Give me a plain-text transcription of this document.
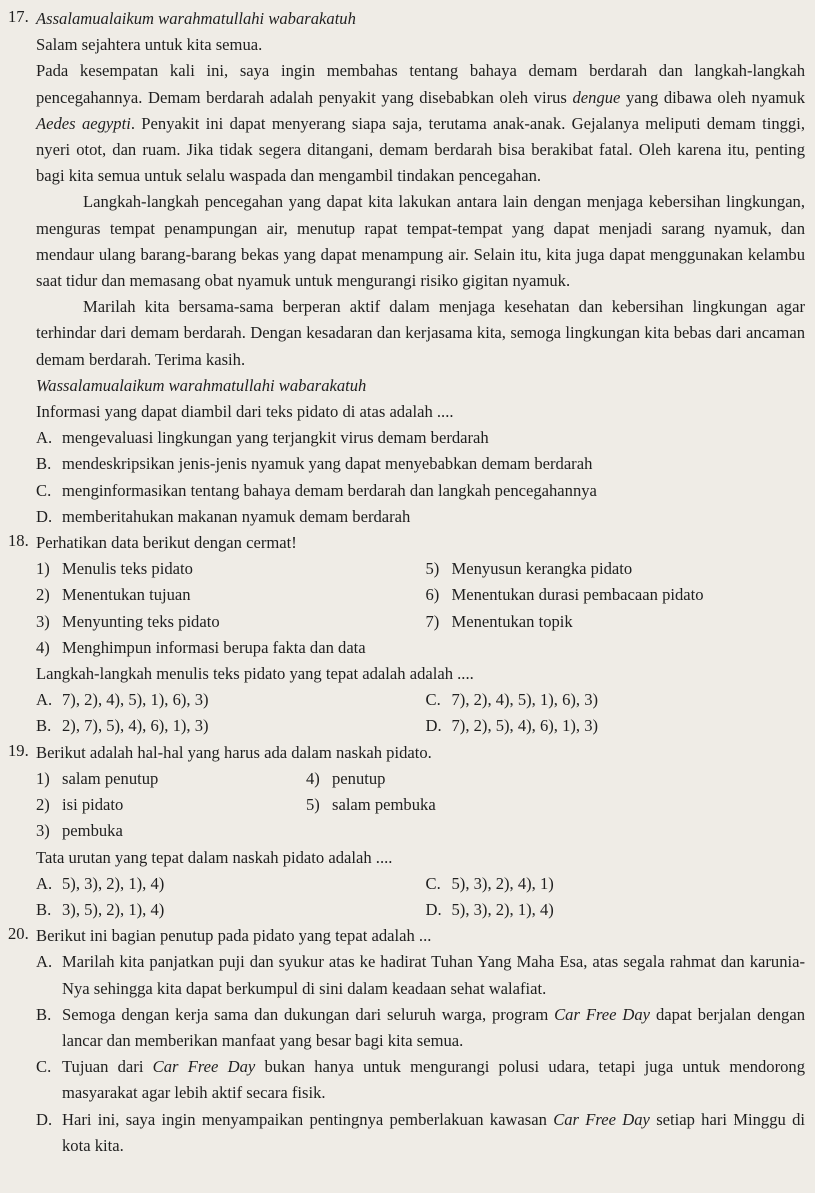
17. Assalamualaikum warahmatullahi wabarakatuh

Salam sejahtera untuk kita semua.

Pada kesempatan kali ini, saya ingin membahas tentang bahaya demam berdarah dan langkah-langkah pencegahannya. Demam berdarah adalah penyakit yang disebabkan oleh virus dengue yang dibawa oleh nyamuk Aedes aegypti. Penyakit ini dapat menyerang siapa saja, terutama anak-anak. Gejalanya meliputi demam tinggi, nyeri otot, dan ruam. Jika tidak segera ditangani, demam berdarah bisa berakibat fatal. Oleh karena itu, penting bagi kita semua untuk selalu waspada dan mengambil tindakan pencegahan.

Langkah-langkah pencegahan yang dapat kita lakukan antara lain dengan menjaga kebersihan lingkungan, menguras tempat penampungan air, menutup rapat tempat-tempat yang dapat menjadi sarang nyamuk, dan mendaur ulang barang-barang bekas yang dapat menampung air. Selain itu, kita juga dapat menggunakan kelambu saat tidur dan memasang obat nyamuk untuk mengurangi risiko gigitan nyamuk.

Marilah kita bersama-sama berperan aktif dalam menjaga kesehatan dan kebersihan lingkungan agar terhindar dari demam berdarah. Dengan kesadaran dan kerjasama kita, semoga lingkungan kita bebas dari ancaman demam berdarah. Terima kasih.

Wassalamualaikum warahmatullahi wabarakatuh

Informasi yang dapat diambil dari teks pidato di atas adalah ....

A. mengevaluasi lingkungan yang terjangkit virus demam berdarah
B. mendeskripsikan jenis-jenis nyamuk yang dapat menyebabkan demam berdarah
C. menginformasikan tentang bahaya demam berdarah dan langkah pencegahannya
D. memberitahukan makanan nyamuk demam berdarah
18. Perhatikan data berikut dengan cermat!

1) Menulis teks pidato	5) Menyusun kerangka pidato
2) Menentukan tujuan	6) Menentukan durasi pembacaan pidato
3) Menyunting teks pidato	7) Menentukan topik
4) Menghimpun informasi berupa fakta dan data

Langkah-langkah menulis teks pidato yang tepat adalah adalah ....

A. 7), 2), 4), 5), 1), 6), 3)	C. 7), 2), 4), 5), 1), 6), 3)
B. 2), 7), 5), 4), 6), 1), 3)	D. 7), 2), 5), 4), 6), 1), 3)
19. Berikut adalah hal-hal yang harus ada dalam naskah pidato.

1) salam penutup	4) penutup
2) isi pidato	5) salam pembuka
3) pembuka

Tata urutan yang tepat dalam naskah pidato adalah ....

A. 5), 3), 2), 1), 4)	C. 5), 3), 2), 4), 1)
B. 3), 5), 2), 1), 4)	D. 5), 3), 2), 1), 4)
20. Berikut ini bagian penutup pada pidato yang tepat adalah ...

A. Marilah kita panjatkan puji dan syukur atas ke hadirat Tuhan Yang Maha Esa, atas segala rahmat dan karunia-Nya sehingga kita dapat berkumpul di sini dalam keadaan sehat walafiat.
B. Semoga dengan kerja sama dan dukungan dari seluruh warga, program Car Free Day dapat berjalan dengan lancar dan memberikan manfaat yang besar bagi kita semua.
C. Tujuan dari Car Free Day bukan hanya untuk mengurangi polusi udara, tetapi juga untuk mendorong masyarakat agar lebih aktif secara fisik.
D. Hari ini, saya ingin menyampaikan pentingnya pemberlakuan kawasan Car Free Day setiap hari Minggu di kota kita.
